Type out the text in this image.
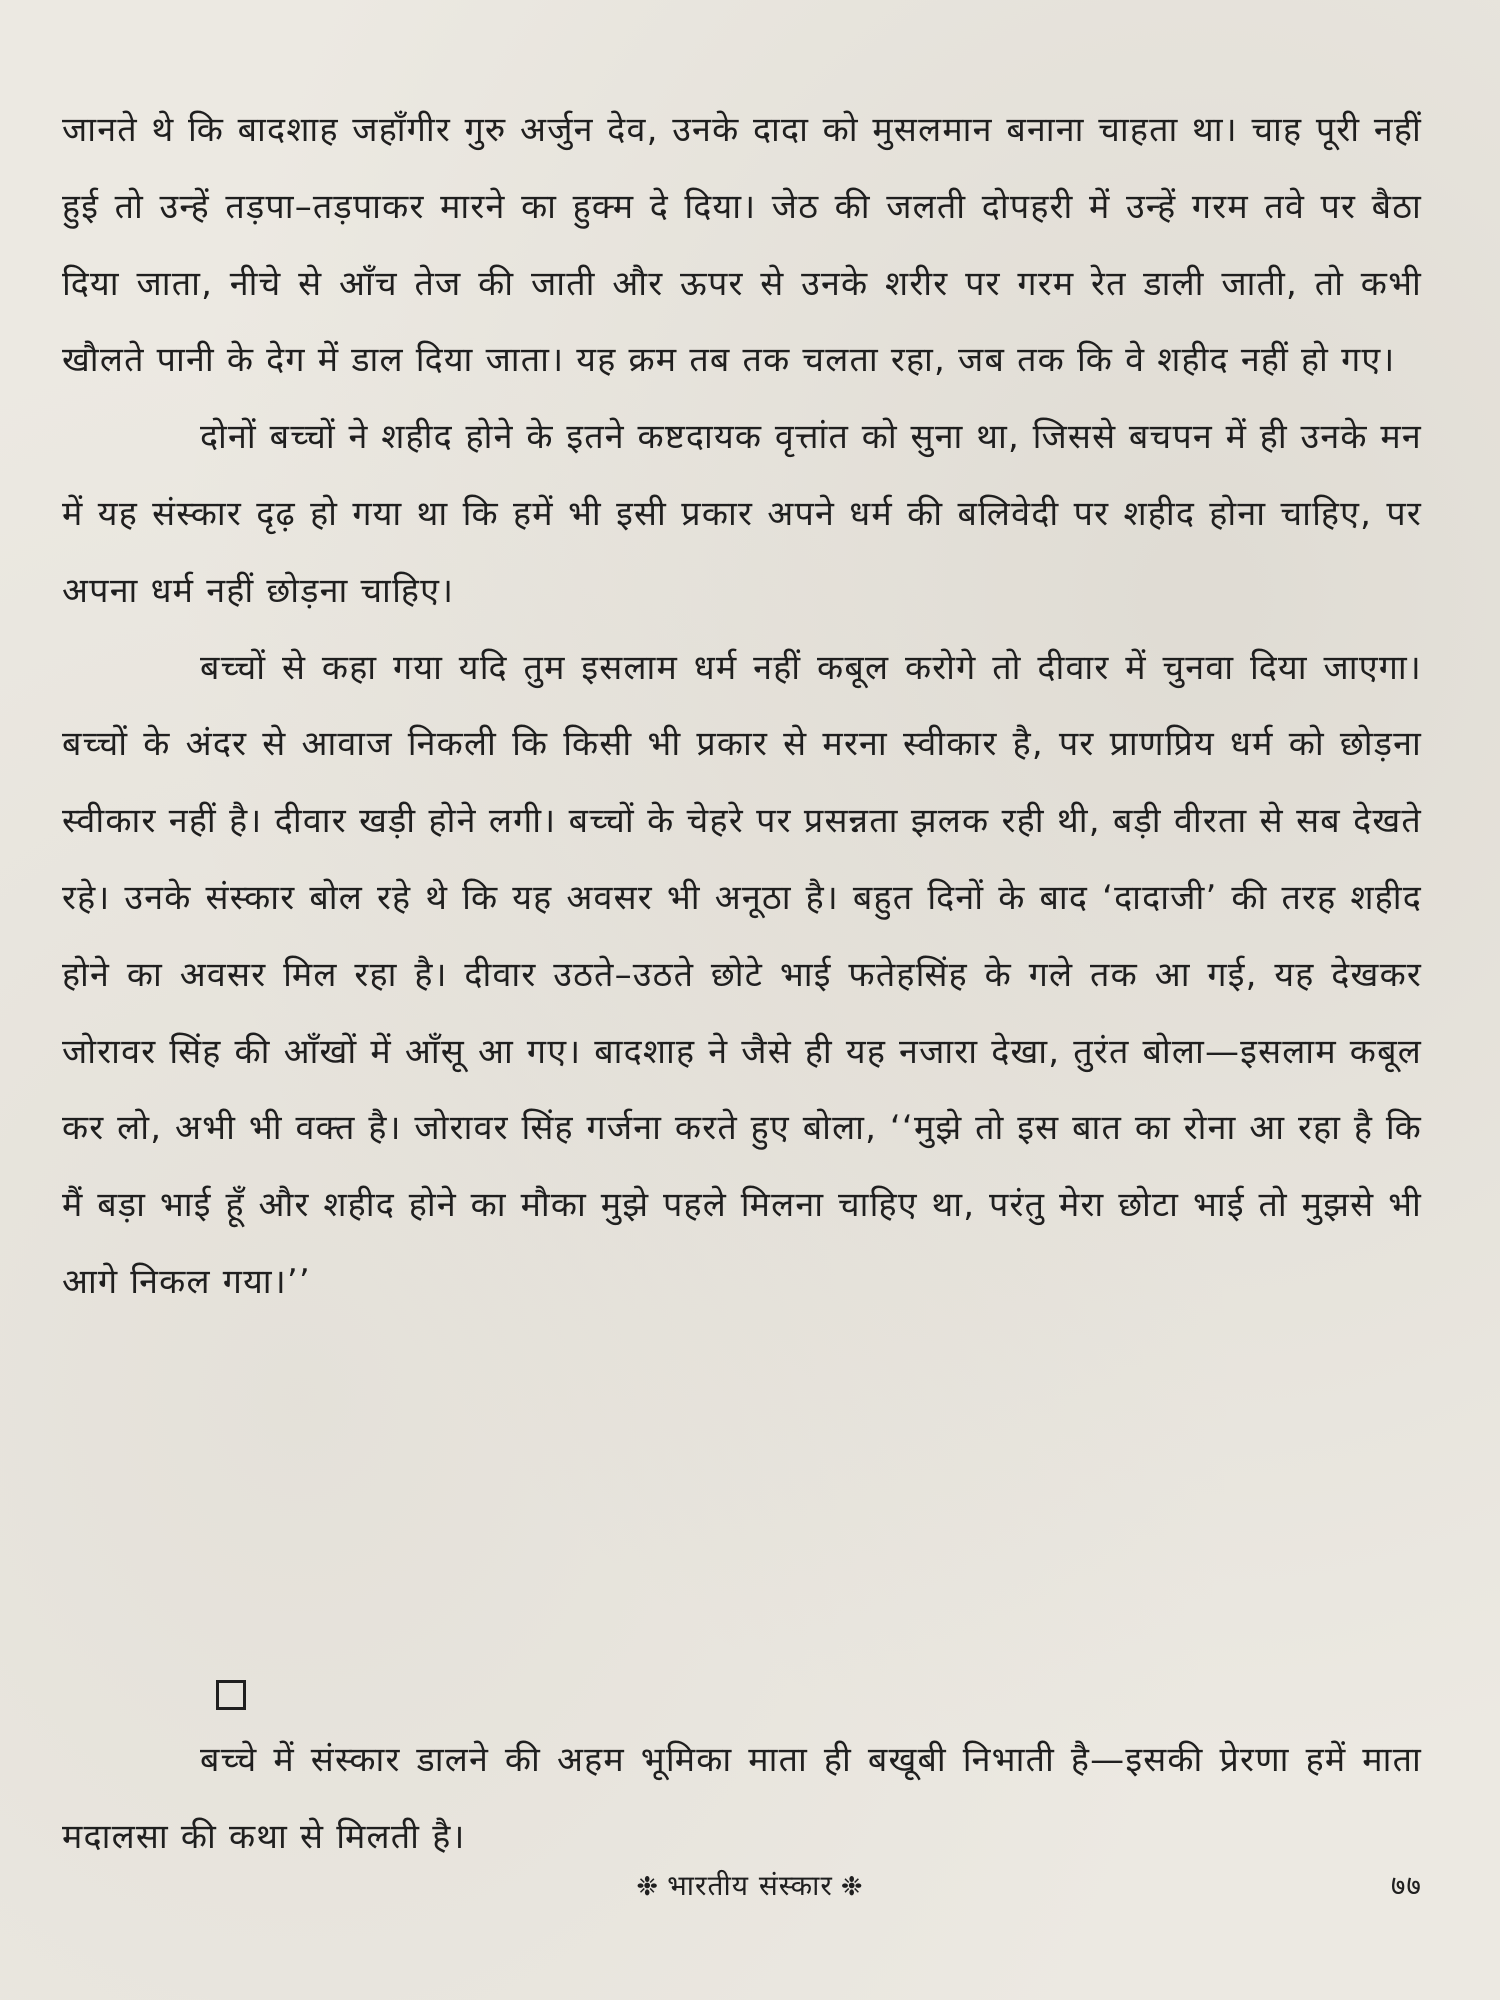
जानते थे कि बादशाह जहाँगीर गुरु अर्जुन देव, उनके दादा को मुसलमान बनाना चाहता था। चाह पूरी नहीं हुई तो उन्हें तड़पा–तड़पाकर मारने का हुक्म दे दिया। जेठ की जलती दोपहरी में उन्हें गरम तवे पर बैठा दिया जाता, नीचे से आँच तेज की जाती और ऊपर से उनके शरीर पर गरम रेत डाली जाती, तो कभी खौलते पानी के देग में डाल दिया जाता। यह क्रम तब तक चलता रहा, जब तक कि वे शहीद नहीं हो गए।

दोनों बच्चों ने शहीद होने के इतने कष्टदायक वृत्तांत को सुना था, जिससे बचपन में ही उनके मन में यह संस्कार दृढ़ हो गया था कि हमें भी इसी प्रकार अपने धर्म की बलिवेदी पर शहीद होना चाहिए, पर अपना धर्म नहीं छोड़ना चाहिए।

बच्चों से कहा गया यदि तुम इसलाम धर्म नहीं कबूल करोगे तो दीवार में चुनवा दिया जाएगा। बच्चों के अंदर से आवाज निकली कि किसी भी प्रकार से मरना स्वीकार है, पर प्राणप्रिय धर्म को छोड़ना स्वीकार नहीं है। दीवार खड़ी होने लगी। बच्चों के चेहरे पर प्रसन्नता झलक रही थी, बड़ी वीरता से सब देखते रहे। उनके संस्कार बोल रहे थे कि यह अवसर भी अनूठा है। बहुत दिनों के बाद ‘दादाजी’ की तरह शहीद होने का अवसर मिल रहा है। दीवार उठते–उठते छोटे भाई फतेहसिंह के गले तक आ गई, यह देखकर जोरावर सिंह की आँखों में आँसू आ गए। बादशाह ने जैसे ही यह नजारा देखा, तुरंत बोला—इसलाम कबूल कर लो, अभी भी वक्त है। जोरावर सिंह गर्जना करते हुए बोला, ‘‘मुझे तो इस बात का रोना आ रहा है कि मैं बड़ा भाई हूँ और शहीद होने का मौका मुझे पहले मिलना चाहिए था, परंतु मेरा छोटा भाई तो मुझसे भी आगे निकल गया।’’

बच्चे में संस्कार डालने की अहम भूमिका माता ही बखूबी निभाती है—इसकी प्रेरणा हमें माता मदालसा की कथा से मिलती है।

❉ भारतीय संस्कार ❉	७७
